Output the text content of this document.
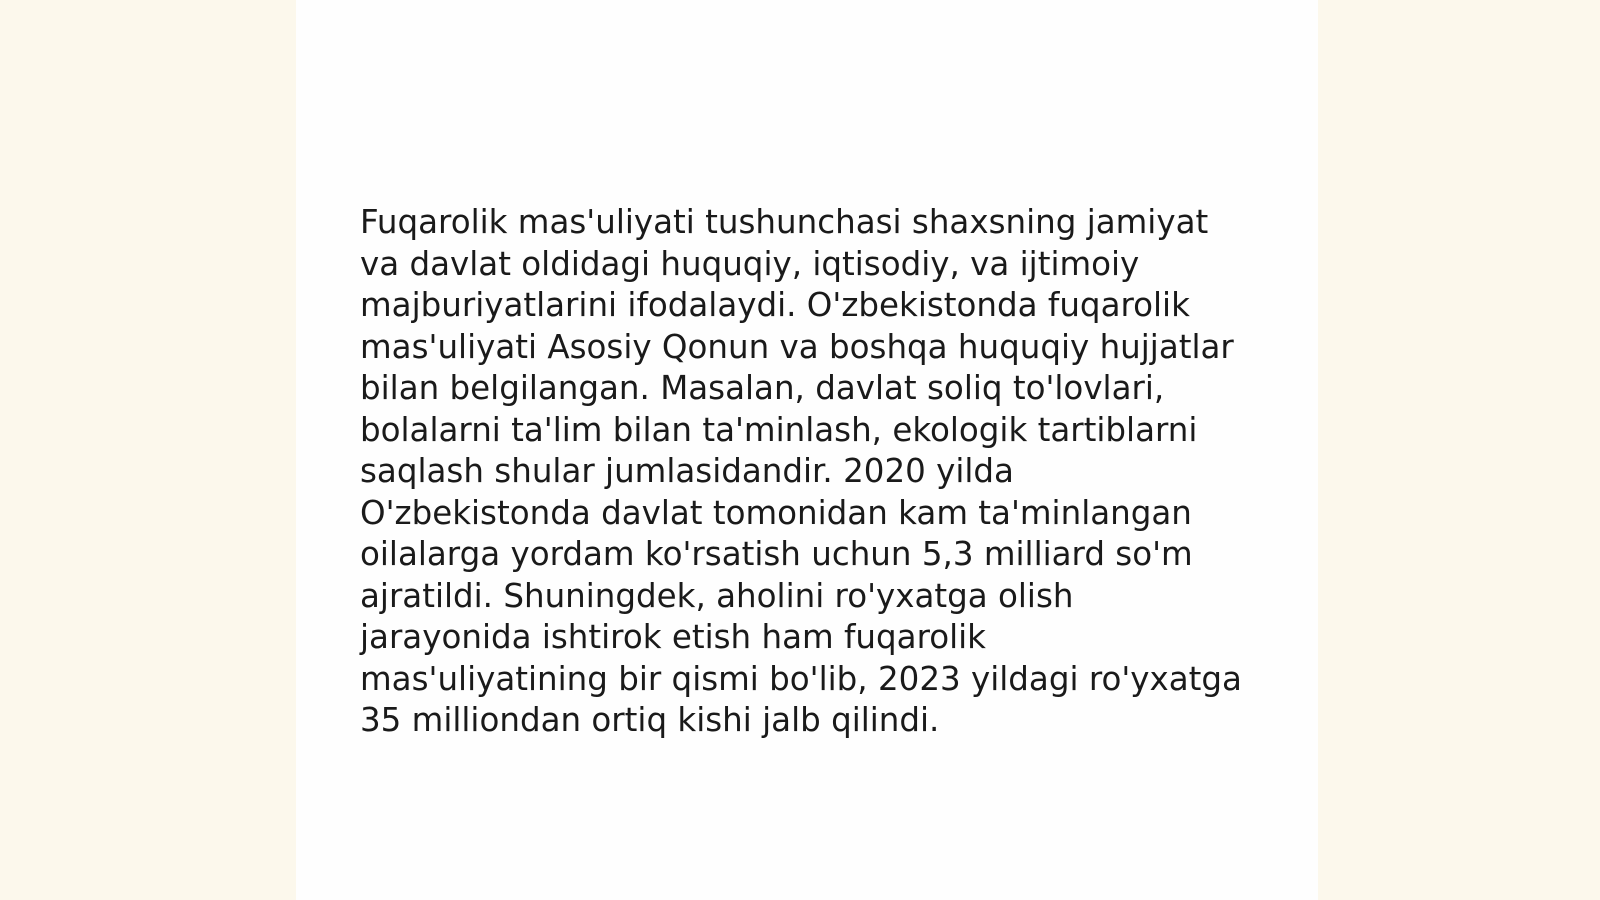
Fuqarolik mas'uliyati tushunchasi shaxsning jamiyat
va davlat oldidagi huquqiy, iqtisodiy, va ijtimoiy
majburiyatlarini ifodalaydi. O'zbekistonda fuqarolik
mas'uliyati Asosiy Qonun va boshqa huquqiy hujjatlar
bilan belgilangan. Masalan, davlat soliq to'lovlari,
bolalarni ta'lim bilan ta'minlash, ekologik tartiblarni
saqlash shular jumlasidandir. 2020 yilda
O'zbekistonda davlat tomonidan kam ta'minlangan
oilalarga yordam ko'rsatish uchun 5,3 milliard so'm
ajratildi. Shuningdek, aholini ro'yxatga olish
jarayonida ishtirok etish ham fuqarolik
mas'uliyatining bir qismi bo'lib, 2023 yildagi ro'yxatga
35 milliondan ortiq kishi jalb qilindi.
